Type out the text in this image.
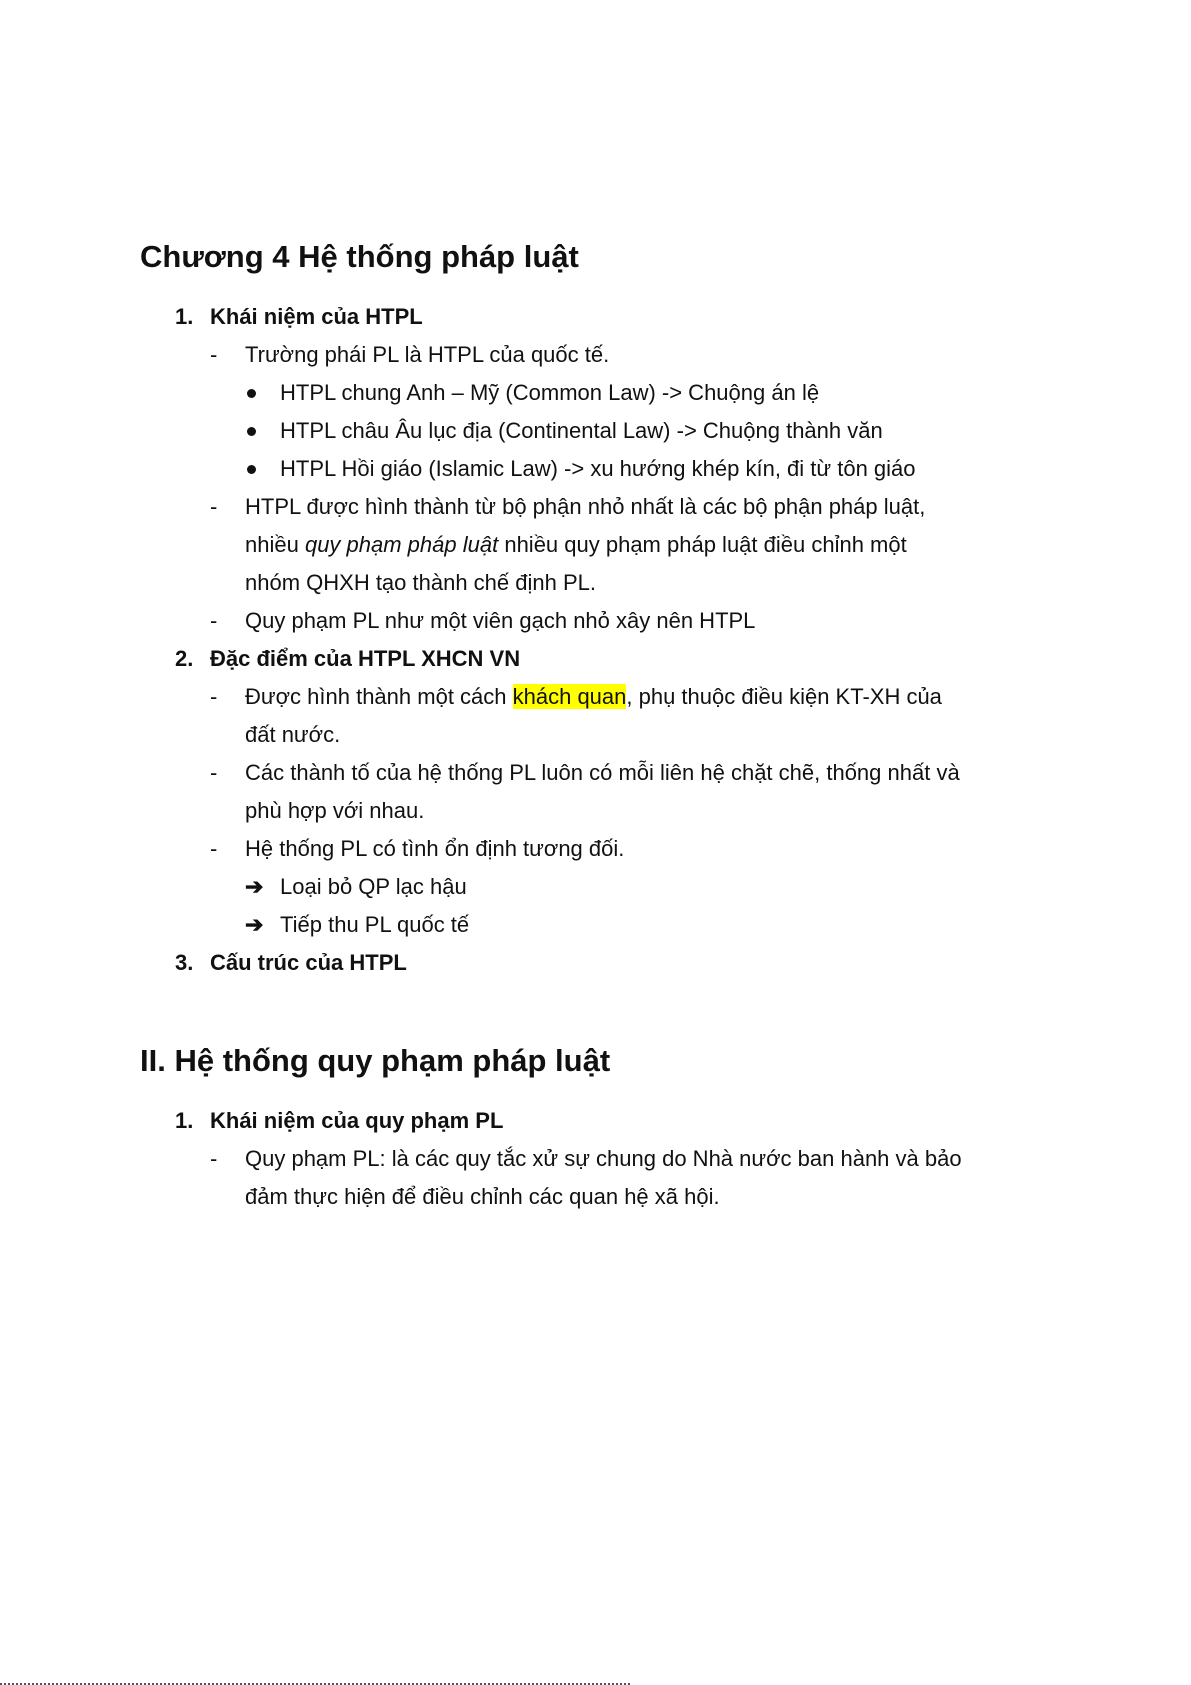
Chương 4 Hệ thống pháp luật
1. Khái niệm của HTPL
- Trường phái PL là HTPL của quốc tế.
HTPL chung Anh – Mỹ (Common Law) -> Chuộng án lệ
HTPL châu Âu lục địa (Continental Law) -> Chuộng thành văn
HTPL Hồi giáo (Islamic Law) -> xu hướng khép kín, đi từ tôn giáo
- HTPL được hình thành từ bộ phận nhỏ nhất là các bộ phận pháp luật,
nhiều quy phạm pháp luật nhiều quy phạm pháp luật điều chỉnh một
nhóm QHXH tạo thành chế định PL.
- Quy phạm PL như một viên gạch nhỏ xây nên HTPL
2. Đặc điểm của HTPL XHCN VN
- Được hình thành một cách khách quan, phụ thuộc điều kiện KT-XH của
đất nước.
- Các thành tố của hệ thống PL luôn có mỗi liên hệ chặt chẽ, thống nhất và
phù hợp với nhau.
- Hệ thống PL có tình ổn định tương đối.
➔ Loại bỏ QP lạc hậu
➔ Tiếp thu PL quốc tế
3. Cấu trúc của HTPL
II. Hệ thống quy phạm pháp luật
1. Khái niệm của quy phạm PL
- Quy phạm PL: là các quy tắc xử sự chung do Nhà nước ban hành và bảo
đảm thực hiện để điều chỉnh các quan hệ xã hội.
